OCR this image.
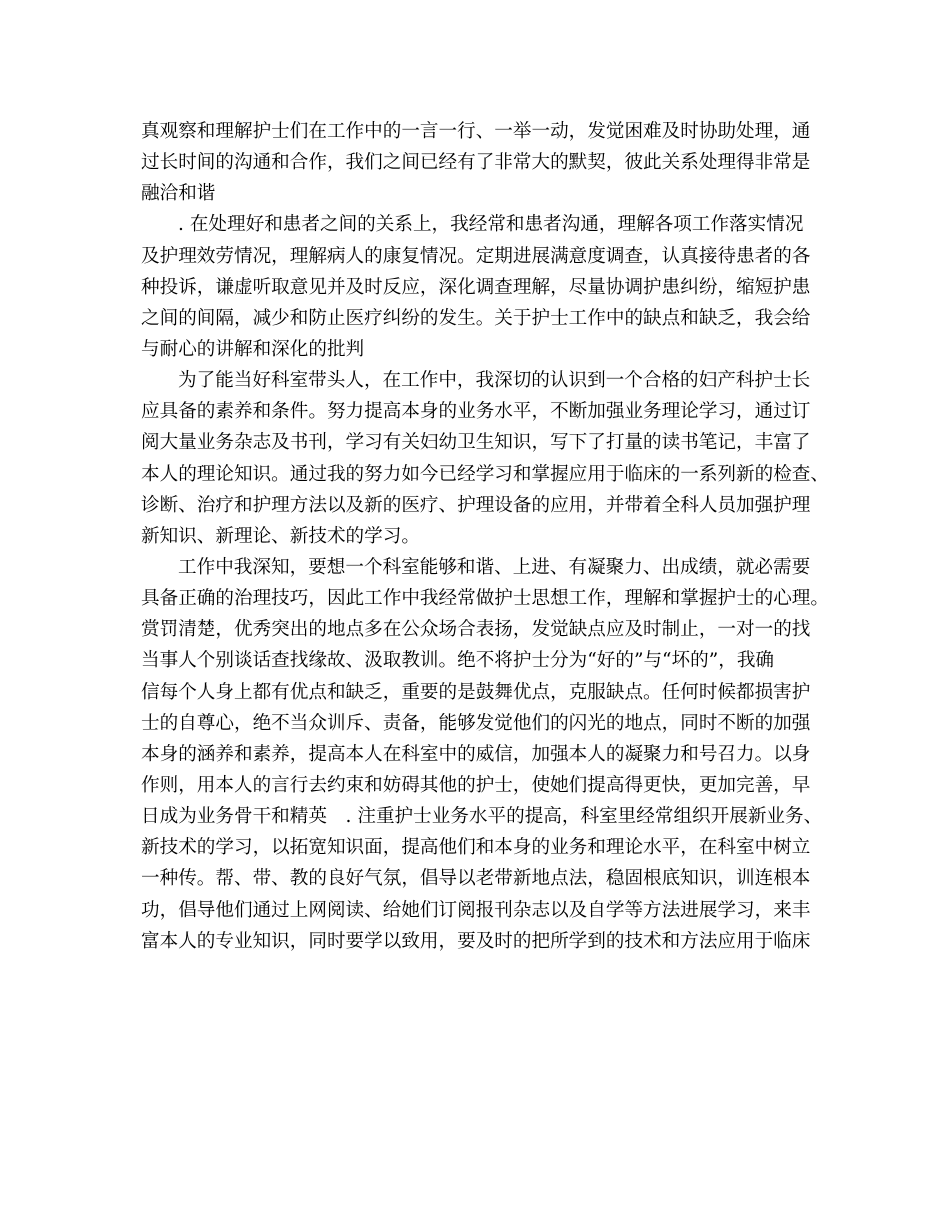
真观察和理解护士们在工作中的一言一行、一举一动，发觉困难及时协助处理，通
过长时间的沟通和合作，我们之间已经有了非常大的默契，彼此关系处理得非常是
融洽和谐
. 在处理好和患者之间的关系上，我经常和患者沟通，理解各项工作落实情况
及护理效劳情况，理解病人的康复情况。定期进展满意度调查，认真接待患者的各
种投诉，谦虚听取意见并及时反应，深化调查理解，尽量协调护患纠纷，缩短护患
之间的间隔，减少和防止医疗纠纷的发生。关于护士工作中的缺点和缺乏，我会给
与耐心的讲解和深化的批判
为了能当好科室带头人，在工作中，我深切的认识到一个合格的妇产科护士长
应具备的素养和条件。努力提高本身的业务水平，不断加强业务理论学习，通过订
阅大量业务杂志及书刊，学习有关妇幼卫生知识，写下了打量的读书笔记，丰富了
本人的理论知识。通过我的努力如今已经学习和掌握应用于临床的一系列新的检查、
诊断、治疗和护理方法以及新的医疗、护理设备的应用，并带着全科人员加强护理
新知识、新理论、新技术的学习。
工作中我深知，要想一个科室能够和谐、上进、有凝聚力、出成绩，就必需要
具备正确的治理技巧，因此工作中我经常做护士思想工作，理解和掌握护士的心理。
赏罚清楚，优秀突出的地点多在公众场合表扬，发觉缺点应及时制止，一对一的找
当事人个别谈话查找缘故、汲取教训。绝不将护士分为“好的”与“坏的”，我确
信每个人身上都有优点和缺乏，重要的是鼓舞优点，克服缺点。任何时候都损害护
士的自尊心，绝不当众训斥、责备，能够发觉他们的闪光的地点，同时不断的加强
本身的涵养和素养，提高本人在科室中的威信，加强本人的凝聚力和号召力。以身
作则，用本人的言行去约束和妨碍其他的护士，使她们提高得更快，更加完善，早
日成为业务骨干和精英　. 注重护士业务水平的提高，科室里经常组织开展新业务、
新技术的学习，以拓宽知识面，提高他们和本身的业务和理论水平，在科室中树立
一种传。帮、带、教的良好气氛，倡导以老带新地点法，稳固根底知识，训连根本
功，倡导他们通过上网阅读、给她们订阅报刊杂志以及自学等方法进展学习，来丰
富本人的专业知识，同时要学以致用，要及时的把所学到的技术和方法应用于临床
